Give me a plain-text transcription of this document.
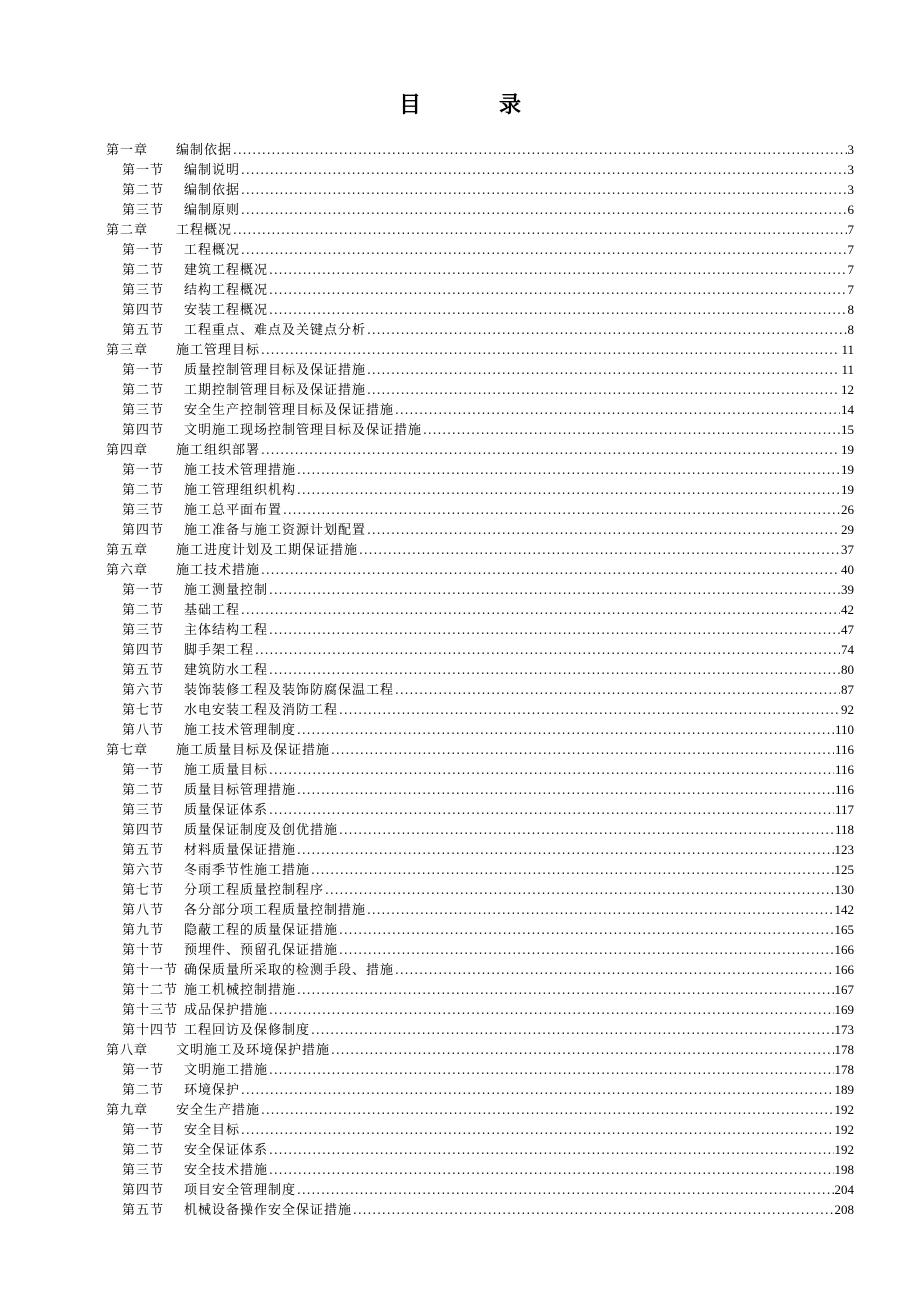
目　录
第一章	编制依据 .....	3
第一节	编制说明 .....	3
第二节	编制依据 .....	3
第三节	编制原则 .....	6
第二章	工程概况 .....	7
第一节	工程概况 .....	7
第二节	建筑工程概况 .....	7
第三节	结构工程概况 .....	7
第四节	安装工程概况 .....	8
第五节	工程重点、难点及关键点分析 .....	8
第三章	施工管理目标 .....	11
第一节	质量控制管理目标及保证措施 .....	11
第二节	工期控制管理目标及保证措施 .....	12
第三节	安全生产控制管理目标及保证措施 .....	14
第四节	文明施工现场控制管理目标及保证措施 .....	15
第四章	施工组织部署 .....	19
第一节	施工技术管理措施 .....	19
第二节	施工管理组织机构 .....	19
第三节	施工总平面布置 .....	26
第四节	施工准备与施工资源计划配置 .....	29
第五章	施工进度计划及工期保证措施 .....	37
第六章	施工技术措施 .....	40
第一节	施工测量控制 .....	39
第二节	基础工程 .....	42
第三节	主体结构工程 .....	47
第四节	脚手架工程 .....	74
第五节	建筑防水工程 .....	80
第六节	装饰装修工程及装饰防腐保温工程 .....	87
第七节	水电安装工程及消防工程 .....	92
第八节	施工技术管理制度 .....	110
第七章	施工质量目标及保证措施 .....	116
第一节	施工质量目标 .....	116
第二节	质量目标管理措施 .....	116
第三节	质量保证体系 .....	117
第四节	质量保证制度及创优措施 .....	118
第五节	材料质量保证措施 .....	123
第六节	冬雨季节性施工措施 .....	125
第七节	分项工程质量控制程序 .....	130
第八节	各分部分项工程质量控制措施 .....	142
第九节	隐蔽工程的质量保证措施 .....	165
第十节	预埋件、预留孔保证措施 .....	166
第十一节 确保质量所采取的检测手段、措施 .....	166
第十二节 施工机械控制措施 .....	167
第十三节 成品保护措施 .....	169
第十四节 工程回访及保修制度 .....	173
第八章	文明施工及环境保护措施 .....	178
第一节	文明施工措施 .....	178
第二节	环境保护 .....	189
第九章	安全生产措施 .....	192
第一节	安全目标 .....	192
第二节	安全保证体系 .....	192
第三节	安全技术措施 .....	198
第四节	项目安全管理制度 .....	204
第五节	机械设备操作安全保证措施 .....	208
